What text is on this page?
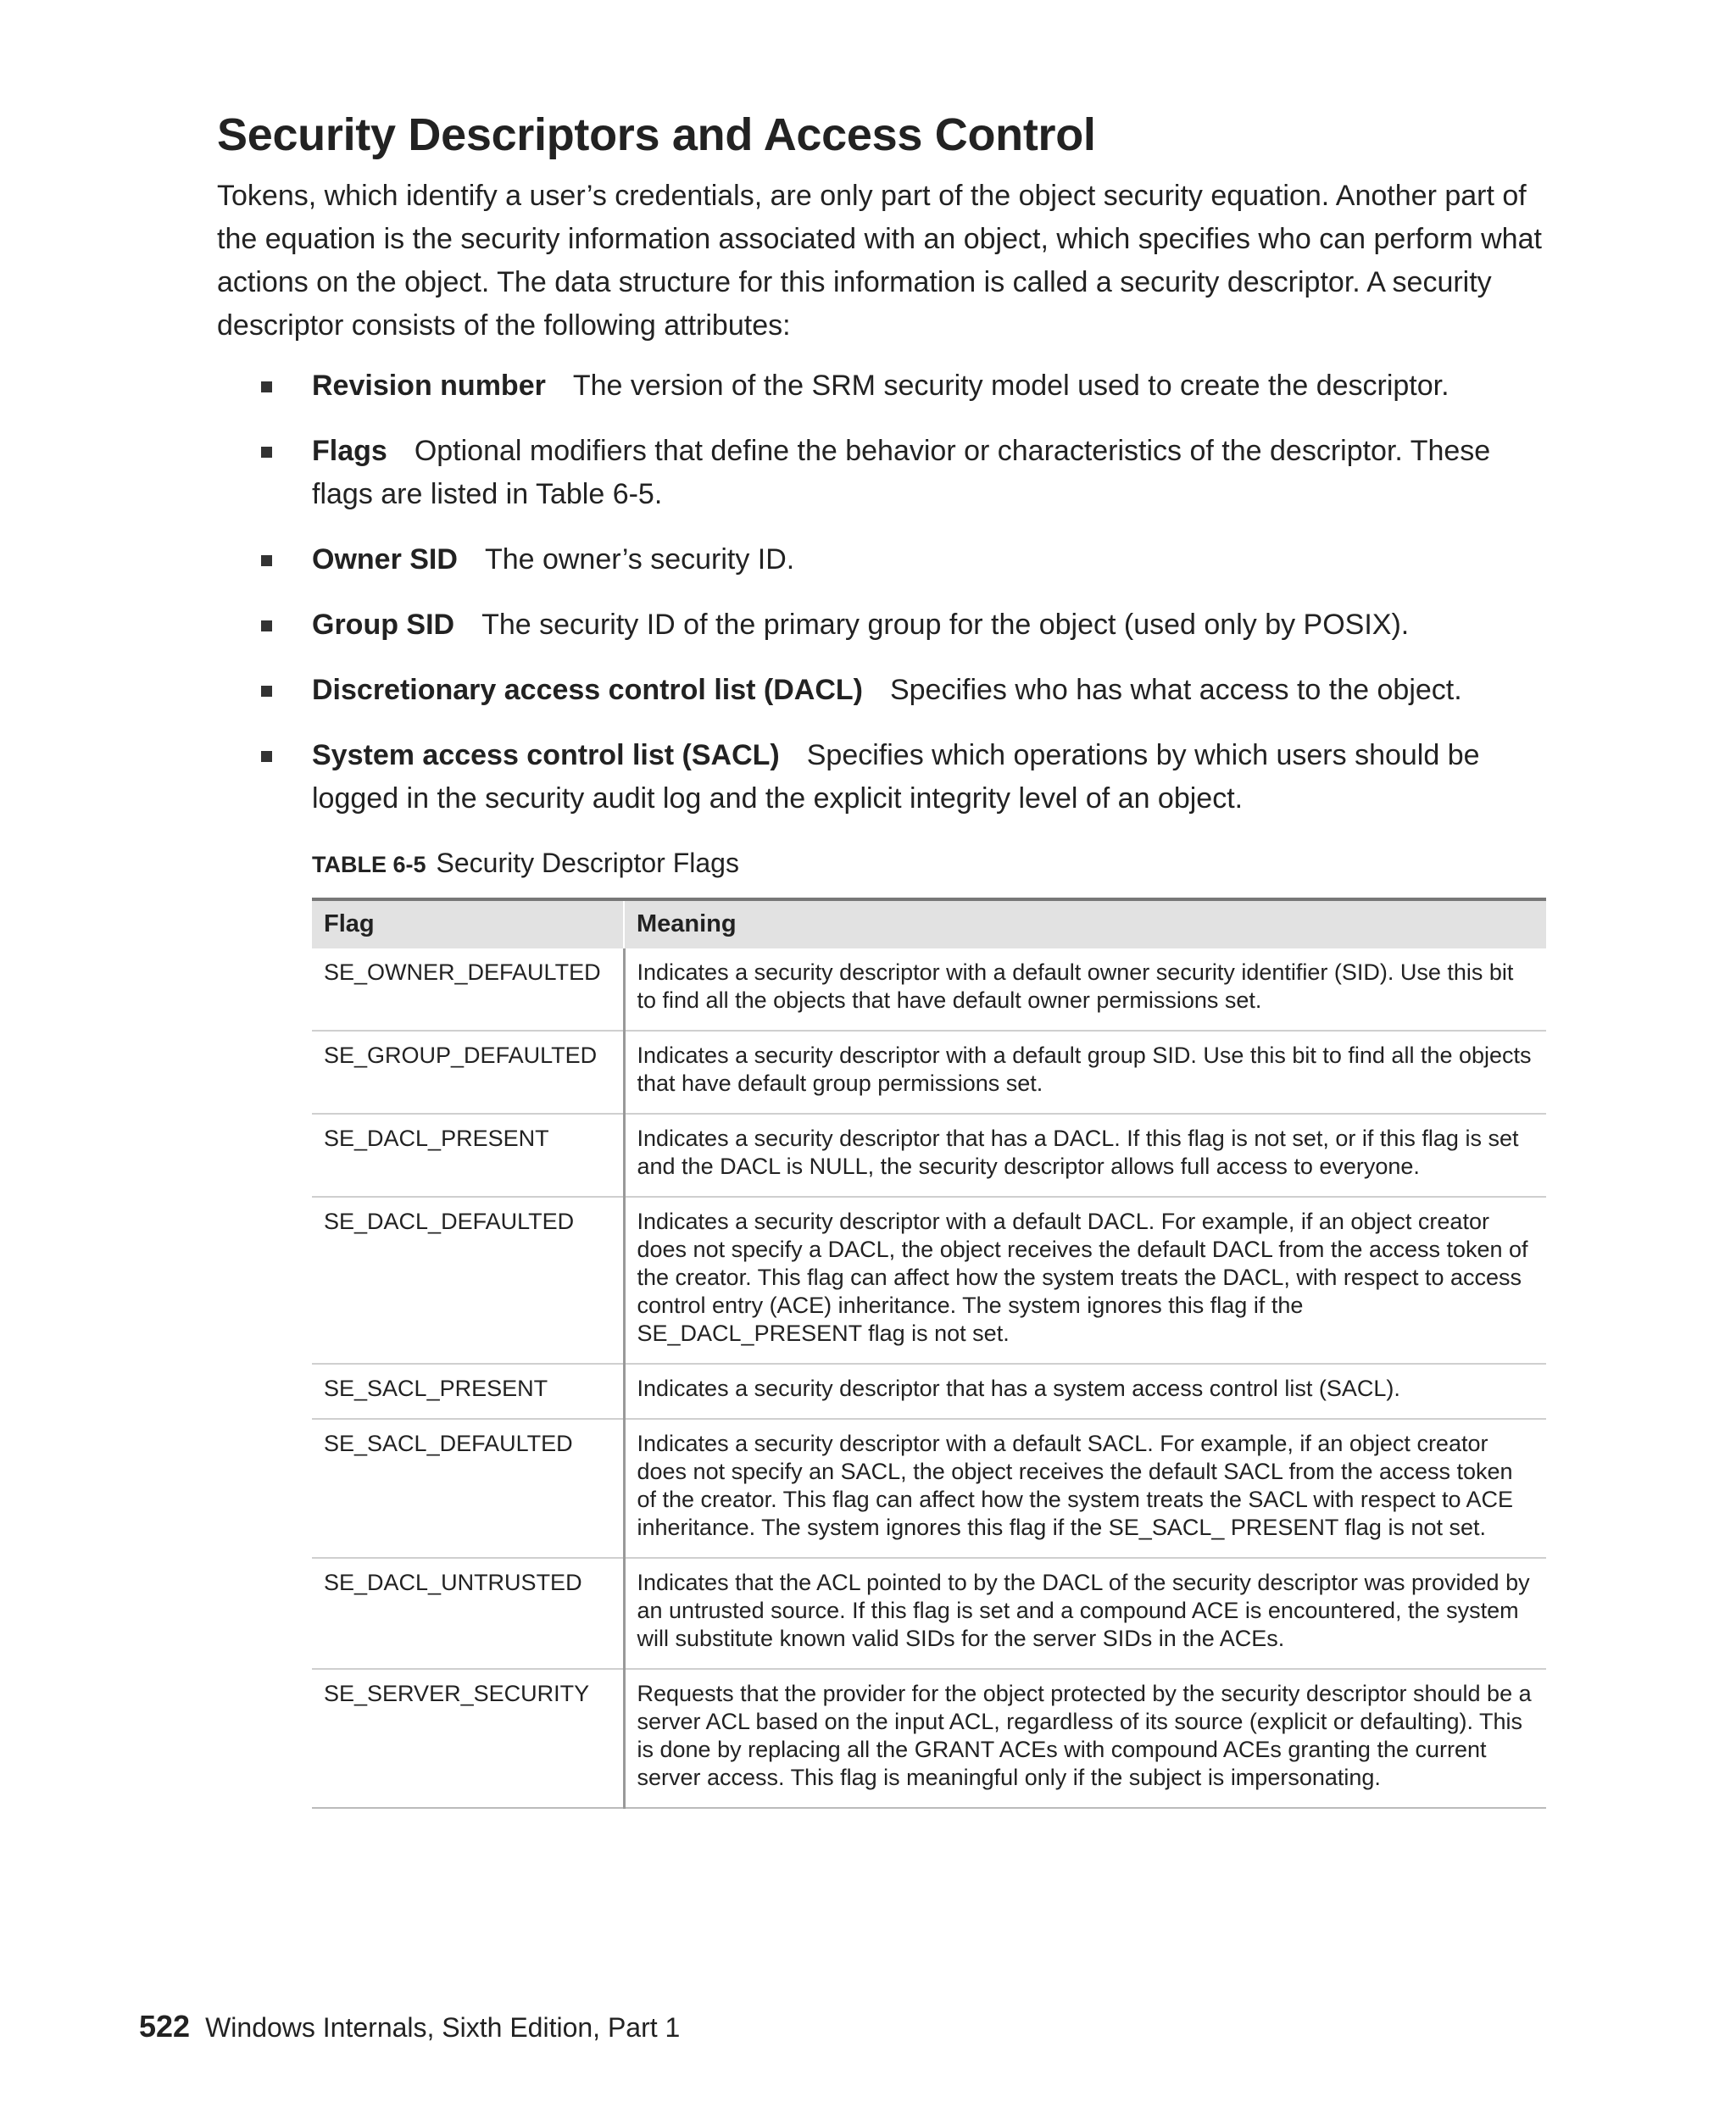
Security Descriptors and Access Control

Tokens, which identify a user’s credentials, are only part of the object security equation. Another part of the equation is the security information associated with an object, which specifies who can perform what actions on the object. The data structure for this information is called a security descriptor. A security descriptor consists of the following attributes:

Revision number The version of the SRM security model used to create the descriptor.
Flags Optional modifiers that define the behavior or characteristics of the descriptor. These flags are listed in Table 6-5.
Owner SID The owner’s security ID.
Group SID The security ID of the primary group for the object (used only by POSIX).
Discretionary access control list (DACL) Specifies who has what access to the object.
System access control list (SACL) Specifies which operations by which users should be logged in the security audit log and the explicit integrity level of an object.
TABLE 6-5 Security Descriptor Flags
Flag	Meaning
SE_OWNER_DEFAULTED	Indicates a security descriptor with a default owner security identifier (SID). Use this bit to find all the objects that have default owner permissions set.
SE_GROUP_DEFAULTED	Indicates a security descriptor with a default group SID. Use this bit to find all the objects that have default group permissions set.
SE_DACL_PRESENT	Indicates a security descriptor that has a DACL. If this flag is not set, or if this flag is set and the DACL is NULL, the security descriptor allows full access to everyone.
SE_DACL_DEFAULTED	Indicates a security descriptor with a default DACL. For example, if an object creator does not specify a DACL, the object receives the default DACL from the access token of the creator. This flag can affect how the system treats the DACL, with respect to access control entry (ACE) inheritance. The system ignores this flag if the SE_DACL_PRESENT flag is not set.
SE_SACL_PRESENT	Indicates a security descriptor that has a system access control list (SACL).
SE_SACL_DEFAULTED	Indicates a security descriptor with a default SACL. For example, if an object creator does not specify an SACL, the object receives the default SACL from the access token of the creator. This flag can affect how the system treats the SACL with respect to ACE inheritance. The system ignores this flag if the SE_SACL_ PRESENT flag is not set.
SE_DACL_UNTRUSTED	Indicates that the ACL pointed to by the DACL of the security descriptor was provided by an untrusted source. If this flag is set and a compound ACE is encountered, the system will substitute known valid SIDs for the server SIDs in the ACEs.
SE_SERVER_SECURITY	Requests that the provider for the object protected by the security descriptor should be a server ACL based on the input ACL, regardless of its source (explicit or defaulting). This is done by replacing all the GRANT ACEs with compound ACEs granting the current server access. This flag is meaningful only if the subject is impersonating.
522 Windows Internals, Sixth Edition, Part 1
